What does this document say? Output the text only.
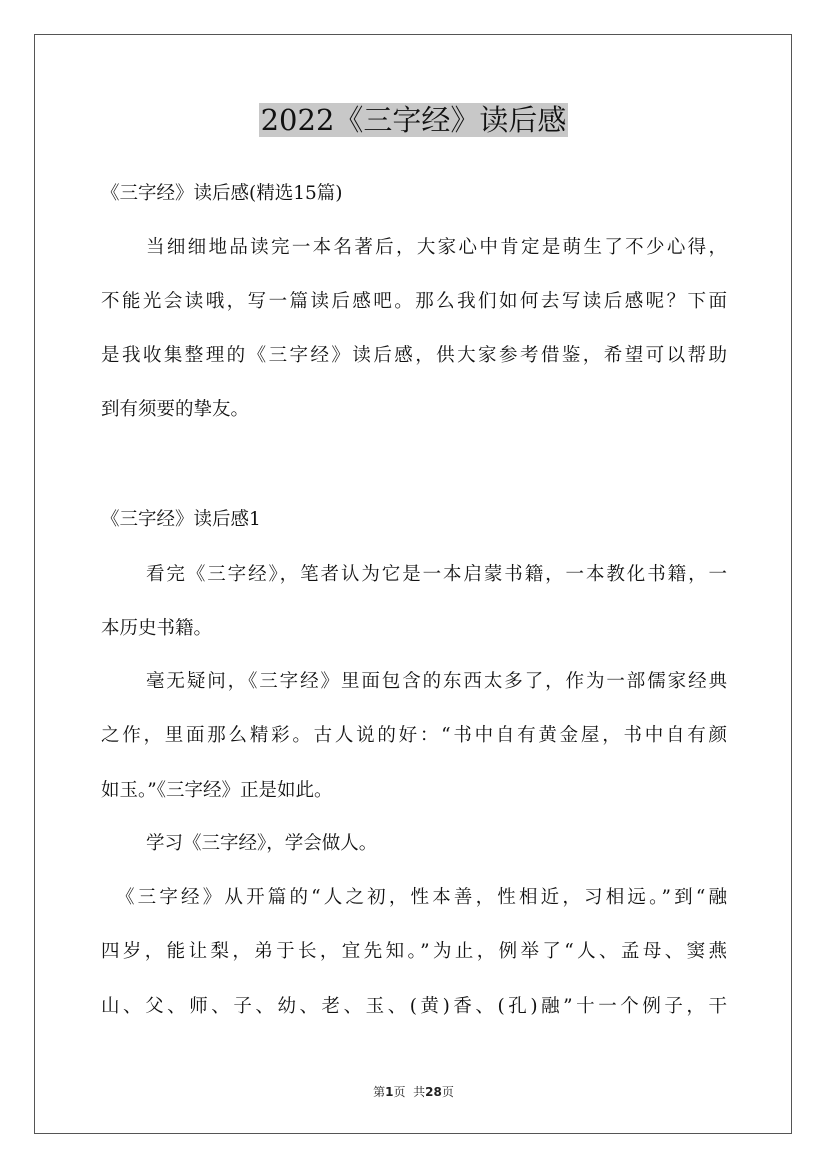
2022《三字经》读后感

《三字经》读后感(精选15篇)

当细细地品读完一本名著后，大家心中肯定是萌生了不少心得，

不能光会读哦，写一篇读后感吧。那么我们如何去写读后感呢？下面

是我收集整理的《三字经》读后感，供大家参考借鉴，希望可以帮助

到有须要的挚友。

《三字经》读后感1

看完《三字经》，笔者认为它是一本启蒙书籍，一本教化书籍，一

本历史书籍。

毫无疑问，《三字经》里面包含的东西太多了，作为一部儒家经典

之作，里面那么精彩。古人说的好：“书中自有黄金屋，书中自有颜

如玉。”《三字经》正是如此。

学习《三字经》，学会做人。

《三字经》从开篇的“人之初，性本善，性相近，习相远。”到“融

四岁，能让梨，弟于长，宜先知。”为止，例举了“人、孟母、窦燕

山、父、师、子、幼、老、玉、(黄)香、(孔)融”十一个例子，干

第1页  共28页
